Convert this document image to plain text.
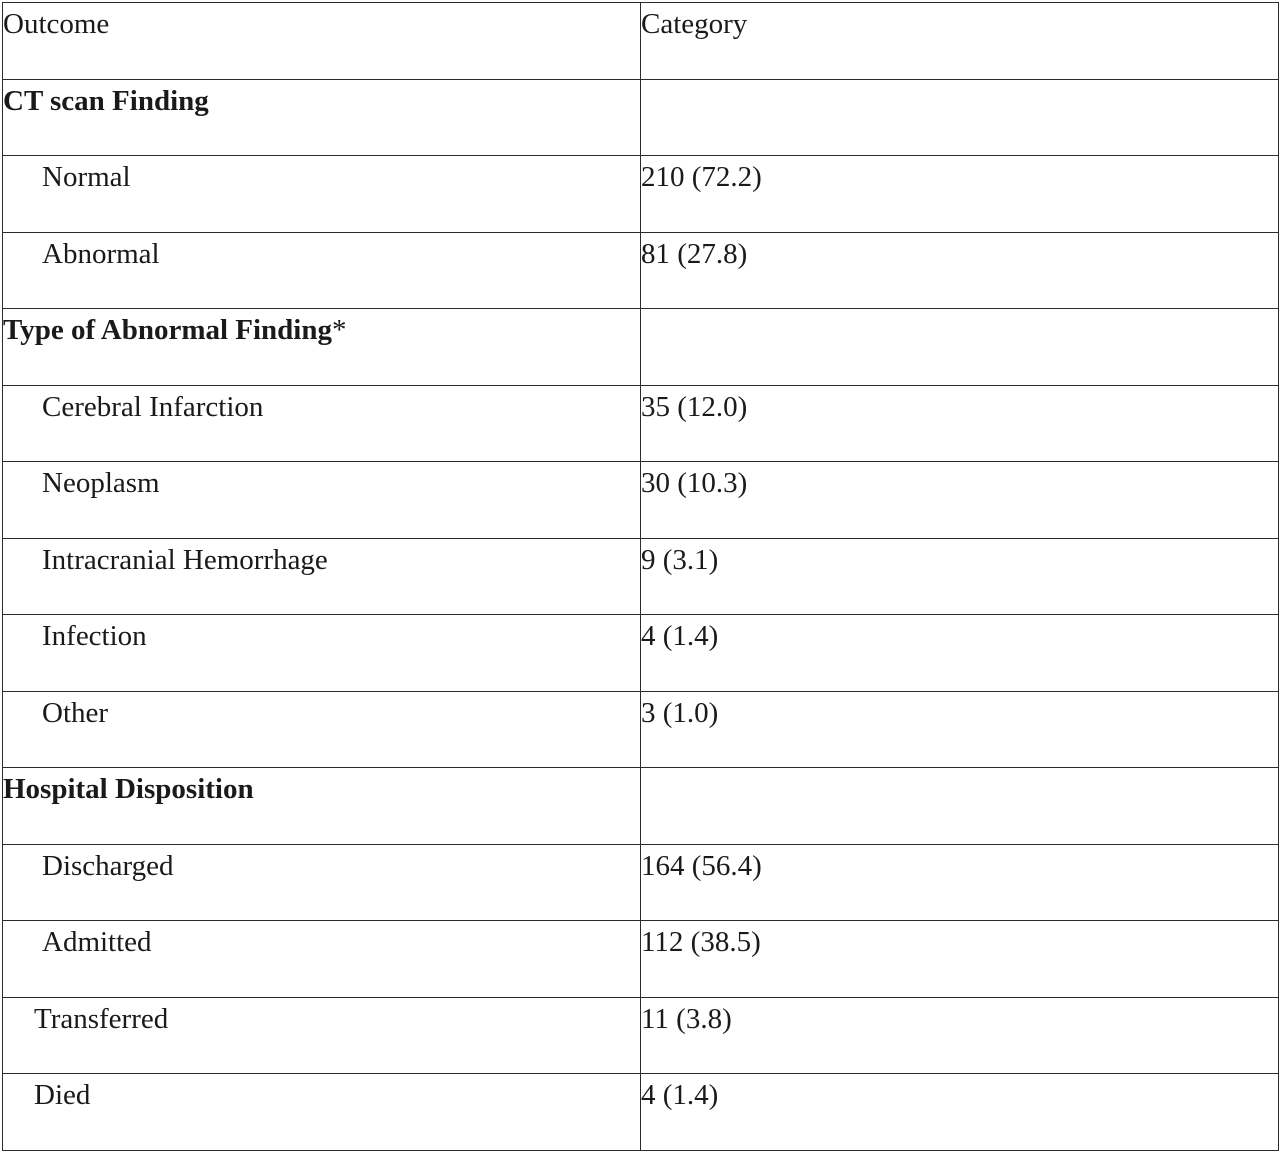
Outcome	Category
CT scan Finding	
Normal	210 (72.2)
Abnormal	81 (27.8)
Type of Abnormal Finding*	
Cerebral Infarction	35 (12.0)
Neoplasm	30 (10.3)
Intracranial Hemorrhage	9 (3.1)
Infection	4 (1.4)
Other	3 (1.0)
Hospital Disposition	
Discharged	164 (56.4)
Admitted	112 (38.5)
Transferred	11 (3.8)
Died	4 (1.4)
